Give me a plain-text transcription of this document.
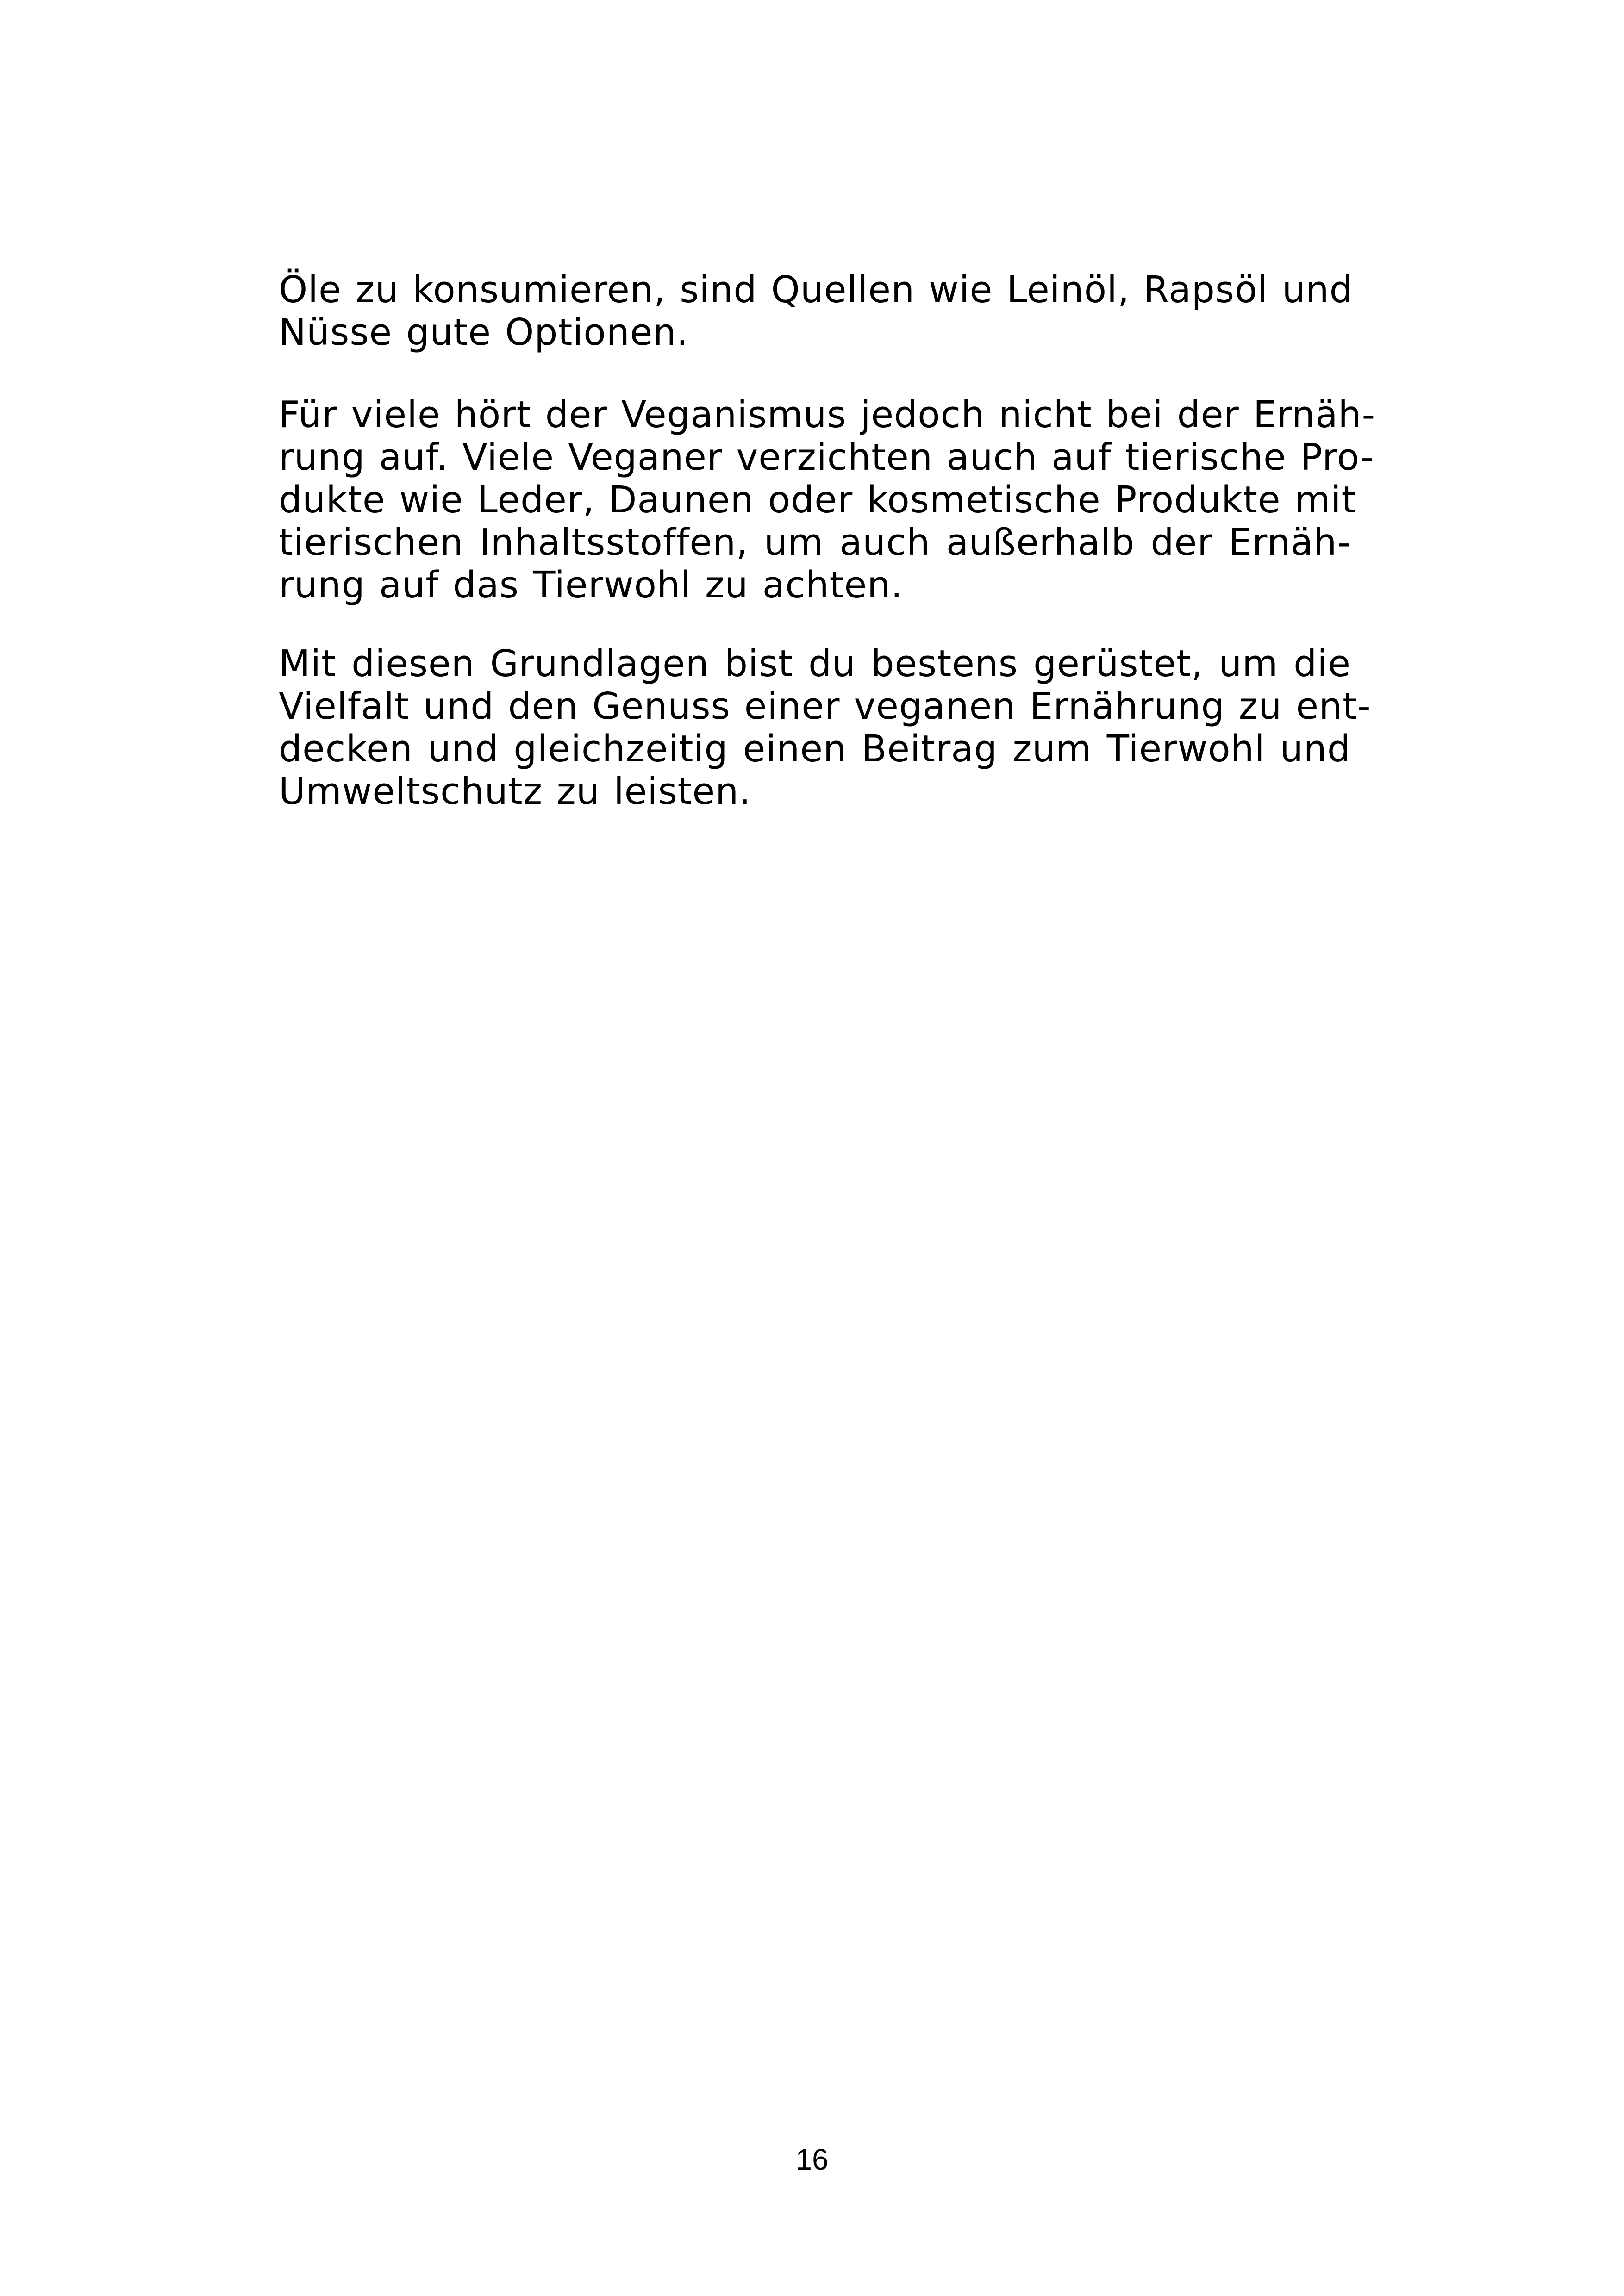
Öle zu konsumieren, sind Quellen wie Leinöl, Rapsöl und
Nüsse gute Optionen.

Für viele hört der Veganismus jedoch nicht bei der Ernäh-
rung auf. Viele Veganer verzichten auch auf tierische Pro-
dukte wie Leder, Daunen oder kosmetische Produkte mit
tierischen Inhaltsstoffen, um auch außerhalb der Ernäh-
rung auf das Tierwohl zu achten.

Mit diesen Grundlagen bist du bestens gerüstet, um die
Vielfalt und den Genuss einer veganen Ernährung zu ent-
decken und gleichzeitig einen Beitrag zum Tierwohl und
Umweltschutz zu leisten.

16
